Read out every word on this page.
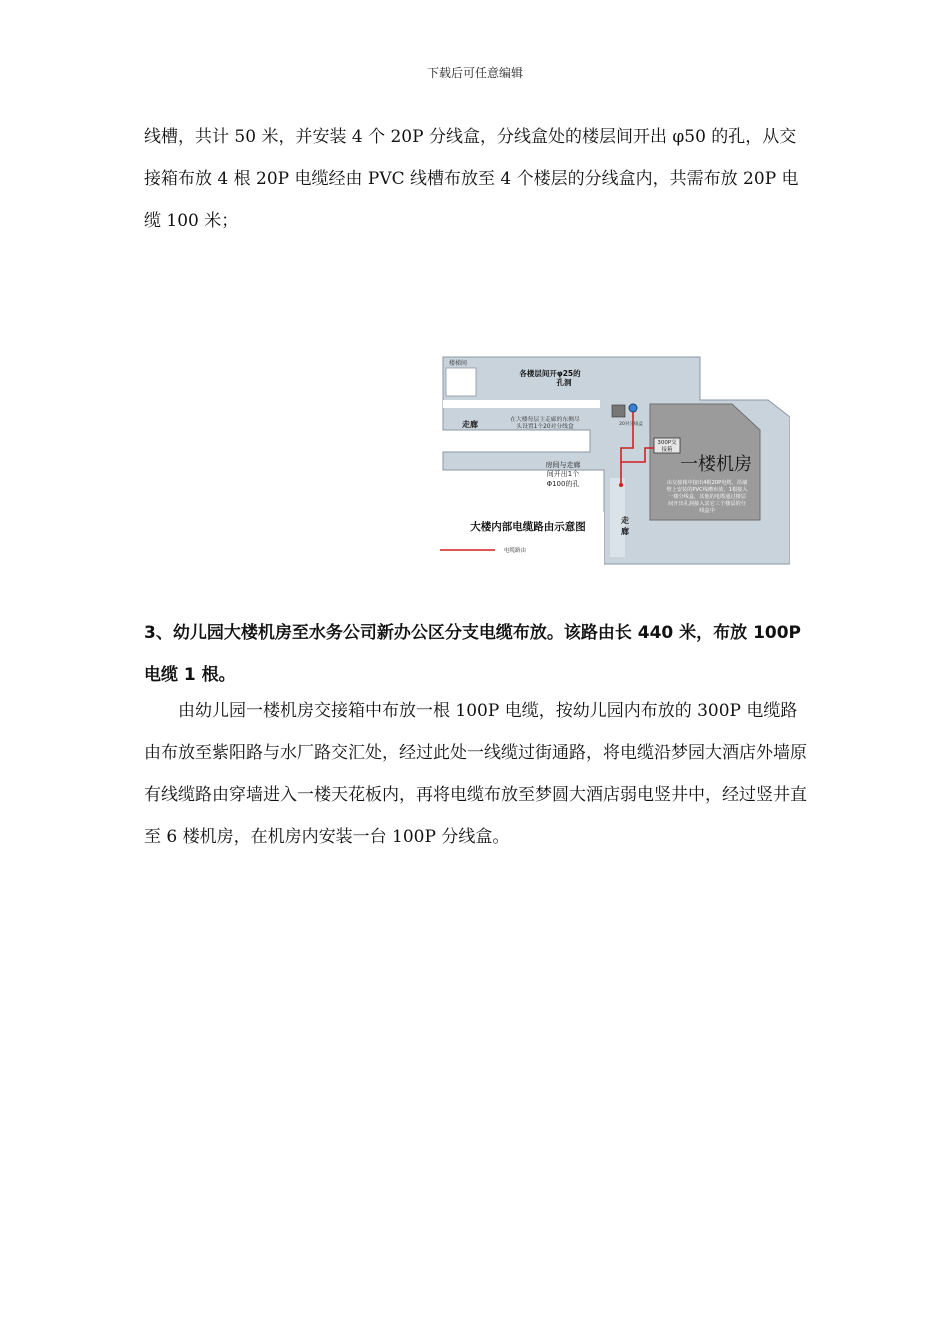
下载后可任意编辑

线槽，共计 50 米，并安装 4 个 20P 分线盒，分线盒处的楼层间开出 φ50 的孔，从交接箱布放 4 根 20P 电缆经由 PVC 线槽布放至 4 个楼层的分线盒内，共需布放 20P 电缆 100 米；

300P交
接箱
楼梯间
各楼层间开φ25的
孔洞
走廊	在大楼每层主走廊的东侧尽
头设置1个20对分线盒	20对分线盒
一楼机房
房间与走廊
间开出1个
Φ100的孔	由交接箱中接出4根20P电缆，沿墙
壁上安装的PVC线槽布放，1根接入
一楼分线盒，其他的电缆通过楼层
间开出孔洞接入其它三个楼层的分
线盒中
走
廊
大楼内部电缆路由示意图
电缆路由

3、幼儿园大楼机房至水务公司新办公区分支电缆布放。该路由长 440 米，布放 100P 电缆 1 根。

由幼儿园一楼机房交接箱中布放一根 100P 电缆，按幼儿园内布放的 300P 电缆路由布放至紫阳路与水厂路交汇处，经过此处一线缆过街通路，将电缆沿梦园大酒店外墙原有线缆路由穿墙进入一楼天花板内，再将电缆布放至梦圆大酒店弱电竖井中，经过竖井直至 6 楼机房，在机房内安装一台 100P 分线盒。
